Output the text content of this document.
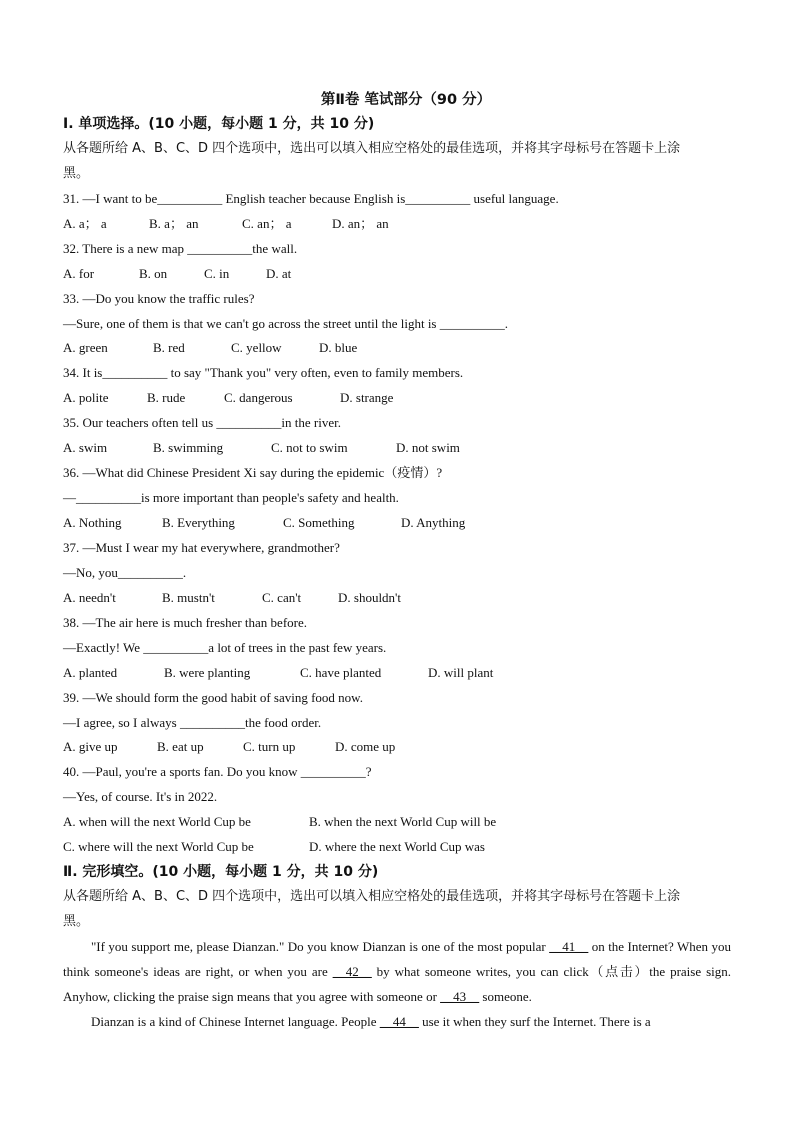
第Ⅱ卷 笔试部分（90 分）
Ⅰ. 单项选择。(10 小题，每小题 1 分，共 10 分)
从各题所给 A、B、C、D 四个选项中，选出可以填入相应空格处的最佳选项，并将其字母标号在答题卡上涂
黑。
31. —I want to be__________ English teacher because English is__________ useful language.
A. a； a	B. a； an	C. an； a	D. an； an
32. There is a new map __________the wall.
A. for	B. on	C. in	D. at
33. —Do you know the traffic rules?
—Sure, one of them is that we can't go across the street until the light is __________.
A. green	B. red	C. yellow	D. blue
34. It is__________ to say "Thank you" very often, even to family members.
A. polite	B. rude	C. dangerous	D. strange
35. Our teachers often tell us __________in the river.
A. swim	B. swimming	C. not to swim	D. not swim
36. —What did Chinese President Xi say during the epidemic（疫情）?
—__________is more important than people's safety and health.
A. Nothing	B. Everything	C. Something	D. Anything
37. —Must I wear my hat everywhere, grandmother?
—No, you__________.
A. needn't	B. mustn't	C. can't	D. shouldn't
38. —The air here is much fresher than before.
—Exactly! We __________a lot of trees in the past few years.
A. planted	B. were planting	C. have planted	D. will plant
39. —We should form the good habit of saving food now.
—I agree, so I always __________the food order.
A. give up	B. eat up	C. turn up	D. come up
40. —Paul, you're a sports fan. Do you know __________?
—Yes, of course. It's in 2022.
A. when will the next World Cup be	B. when the next World Cup will be
C. where will the next World Cup be	D. where the next World Cup was
Ⅱ. 完形填空。(10 小题，每小题 1 分，共 10 分)
从各题所给 A、B、C、D 四个选项中，选出可以填入相应空格处的最佳选项，并将其字母标号在答题卡上涂
黑。
"If you support me, please Dianzan." Do you know Dianzan is one of the most popular __41__ on the Internet? When you think someone's ideas are right, or when you are __42__ by what someone writes, you can click（点击）the praise sign. Anyhow, clicking the praise sign means that you agree with someone or __43__ someone.
Dianzan is a kind of Chinese Internet language. People __44__ use it when they surf the Internet. There is a
